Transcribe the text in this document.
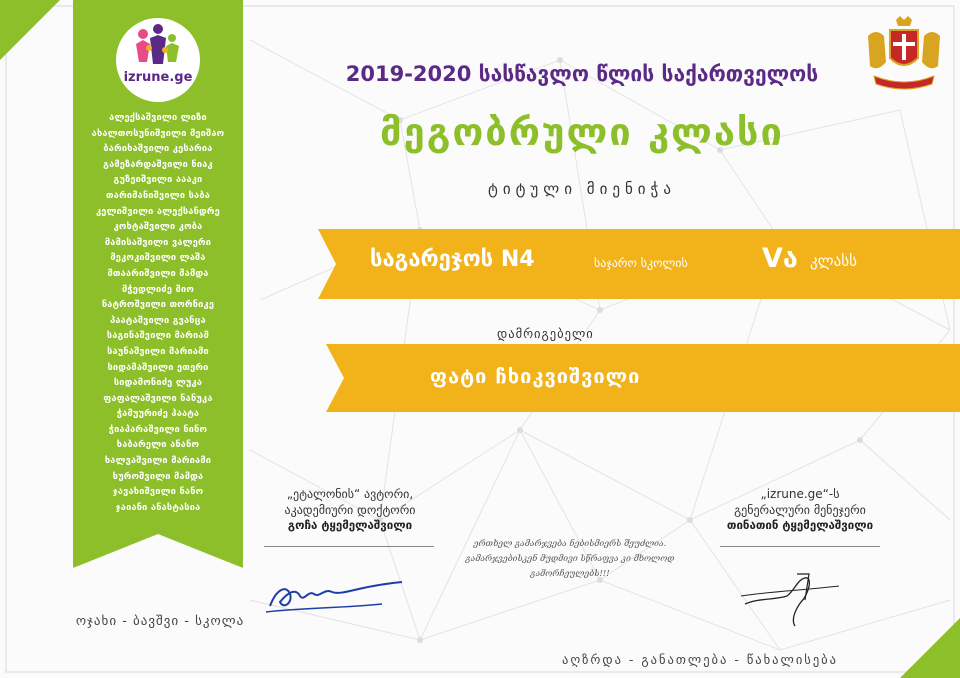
izrune.ge
ალექსაშვილი ლიზი
ახალთოსუნიშვილი მეიშაო
ბარიხაშვილი კესარია
გამეზარდაშვილი ნიაკ
გუზეიშვილი აააკი
თარიმანიშვილი საბა
კელიშვილი ალექსანდრე
კოხტაშვილი კობა
მამისაშვილი ვალერი
მეკოკიშვილი ლაშა
მთაარიშვილი მამდა
მჭედლიძე მიო
ნატროშვილი თორნიკე
პაატაშვილი გვანცა
საგინაშვილი მარიამ
საუნაშვილი მარიამი
სიდამაშვილი ეთერი
სიდამონიძე ლუკა
ფაფალაშვილი ნანუკა
ჭამუურიძე პაატა
ჭიაპარაშვილი ნინო
ხაბარელი ანანო
ხალვაშვილი მარიამი
ხუროშვილი მამდა
ჯავახიშვილი ნანო
ჯაიანი ანასტასია
ოჯახი - ბავშვი - სკოლა
2019-2020 სასწავლო წლის საქართველოს
მეგობრული კლასი
ტიტული მიენიჭა
საგარეჯოს N4	საჯარო სკოლის	Vა კლასს
დამრიგებელი
ფატი ჩხიკვიშვილი
„ეტალონის“ ავტორი,
აკადემიური დოქტორი
გოჩა ტყემელაშვილი
„izrune.ge“-ს
გენერალური მენეჯერი
თინათინ ტყემელაშვილი
ერთხელ გამარჯვება ნებისმიერს შეუძლია.
გამარჯვებისკენ მუდმივი სწრაფვა კი მხოლოდ გამორჩეულებს!!!
აღზრდა - განათლება - წახალისება
